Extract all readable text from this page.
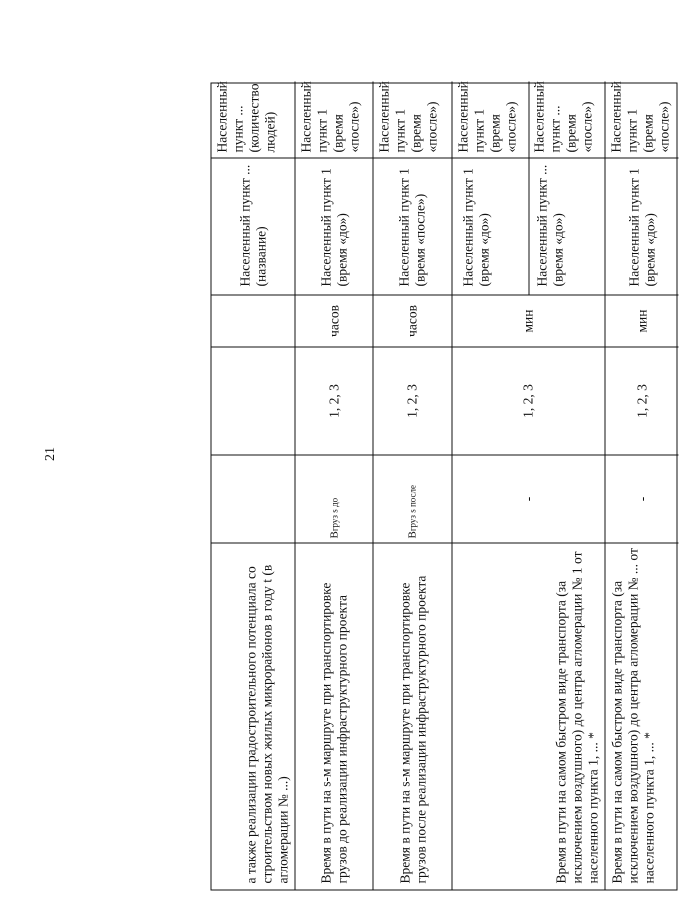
21
а также реализации градостроительного потенциала со строительством новых жилых микрорайонов в году t (в агломерации № ...)
Населенный пункт ... (название)
Населенный пункт ... (количество людей)
Время в пути на s-м маршруте при транспортировке грузов до реализации инфраструктурного проекта
B
груз

s до
1, 2, 3
часов
Населенный пункт 1 (время «до»)
Населенный пункт 1 (время «после»)
Время в пути на s-м маршруте при транспортировке грузов после реализации инфраструктурного проекта
B
груз

s после
1, 2, 3
часов
Населенный пункт 1 (время «после»)
Населенный пункт 1 (время «после»)
Время в пути на самом быстром виде транспорта (за исключением воздушного) до центра агломерации № 1 от населенного пункта 1, ... *
-
1, 2, 3
мин
Населенный пункт 1 (время «до»)	Населенный пункт ... (время «до»)
Населенный пункт 1 (время «после») Населенный пункт ... (время «после»)
Время в пути на самом быстром виде транспорта (за исключением воздушного) до центра агломерации № ... от населенного пункта 1, ... *
-
1, 2, 3
мин
Населенный пункт 1 (время «до»)
Населенный пункт 1 (время «после»)
